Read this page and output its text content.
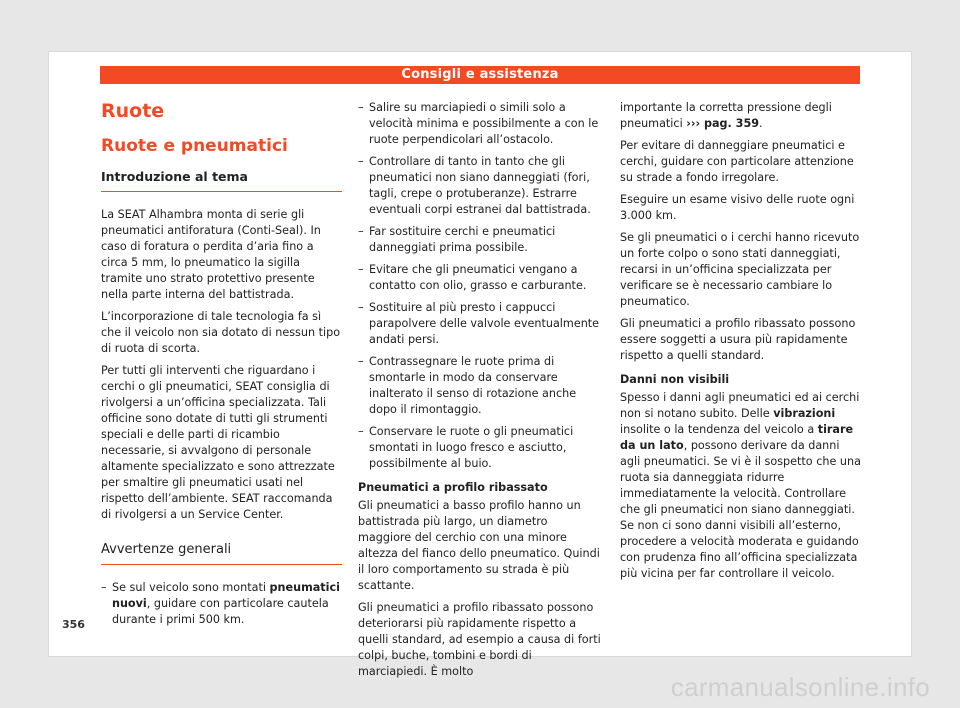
Consigli e assistenza
Ruote
Ruote e pneumatici
Introduzione al tema

La SEAT Alhambra monta di serie gli pneumatici antiforatura (Conti-Seal). In caso di foratura o perdita d’aria fino a circa 5 mm, lo pneumatico la sigilla tramite uno strato protettivo presente nella parte interna del battistrada.

L’incorporazione di tale tecnologia fa sì che il veicolo non sia dotato di nessun tipo di ruota di scorta.

Per tutti gli interventi che riguardano i cerchi o gli pneumatici, SEAT consiglia di rivolgersi a un’officina specializzata. Tali officine sono dotate di tutti gli strumenti speciali e delle parti di ricambio necessarie, si avvalgono di personale altamente specializzato e sono attrezzate per smaltire gli pneumatici usati nel rispetto dell’ambiente. SEAT raccomanda di rivolgersi a un Service Center.

Avvertenze generali
– Se sul veicolo sono montati pneumatici nuovi, guidare con particolare cautela durante i primi 500 km.
– Salire su marciapiedi o simili solo a velocità minima e possibilmente a con le ruote perpendicolari all’ostacolo.
– Controllare di tanto in tanto che gli pneumatici non siano danneggiati (fori, tagli, crepe o protuberanze). Estrarre eventuali corpi estranei dal battistrada.
– Far sostituire cerchi e pneumatici danneggiati prima possibile.
– Evitare che gli pneumatici vengano a contatto con olio, grasso e carburante.
– Sostituire al più presto i cappucci parapolvere delle valvole eventualmente andati persi.
– Contrassegnare le ruote prima di smontarle in modo da conservare inalterato il senso di rotazione anche dopo il rimontaggio.
– Conservare le ruote o gli pneumatici smontati in luogo fresco e asciutto, possibilmente al buio.
Pneumatici a profilo ribassato

Gli pneumatici a basso profilo hanno un battistrada più largo, un diametro maggiore del cerchio con una minore altezza del fianco dello pneumatico. Quindi il loro comportamento su strada è più scattante.

Gli pneumatici a profilo ribassato possono deteriorarsi più rapidamente rispetto a quelli standard, ad esempio a causa di forti colpi, buche, tombini e bordi di marciapiedi. È molto

importante la corretta pressione degli pneumatici ››› pag. 359.

Per evitare di danneggiare pneumatici e cerchi, guidare con particolare attenzione su strade a fondo irregolare.

Eseguire un esame visivo delle ruote ogni 3.000 km.

Se gli pneumatici o i cerchi hanno ricevuto un forte colpo o sono stati danneggiati, recarsi in un’officina specializzata per verificare se è necessario cambiare lo pneumatico.

Gli pneumatici a profilo ribassato possono essere soggetti a usura più rapidamente rispetto a quelli standard.

Danni non visibili

Spesso i danni agli pneumatici ed ai cerchi non si notano subito. Delle vibrazioni insolite o la tendenza del veicolo a tirare da un lato, possono derivare da danni agli pneumatici. Se vi è il sospetto che una ruota sia danneggiata ridurre immediatamente la velocità. Controllare che gli pneumatici non siano danneggiati. Se non ci sono danni visibili all’esterno, procedere a velocità moderata e guidando con prudenza fino all’officina specializzata più vicina per far controllare il veicolo.

356
carmanualsonline.info
